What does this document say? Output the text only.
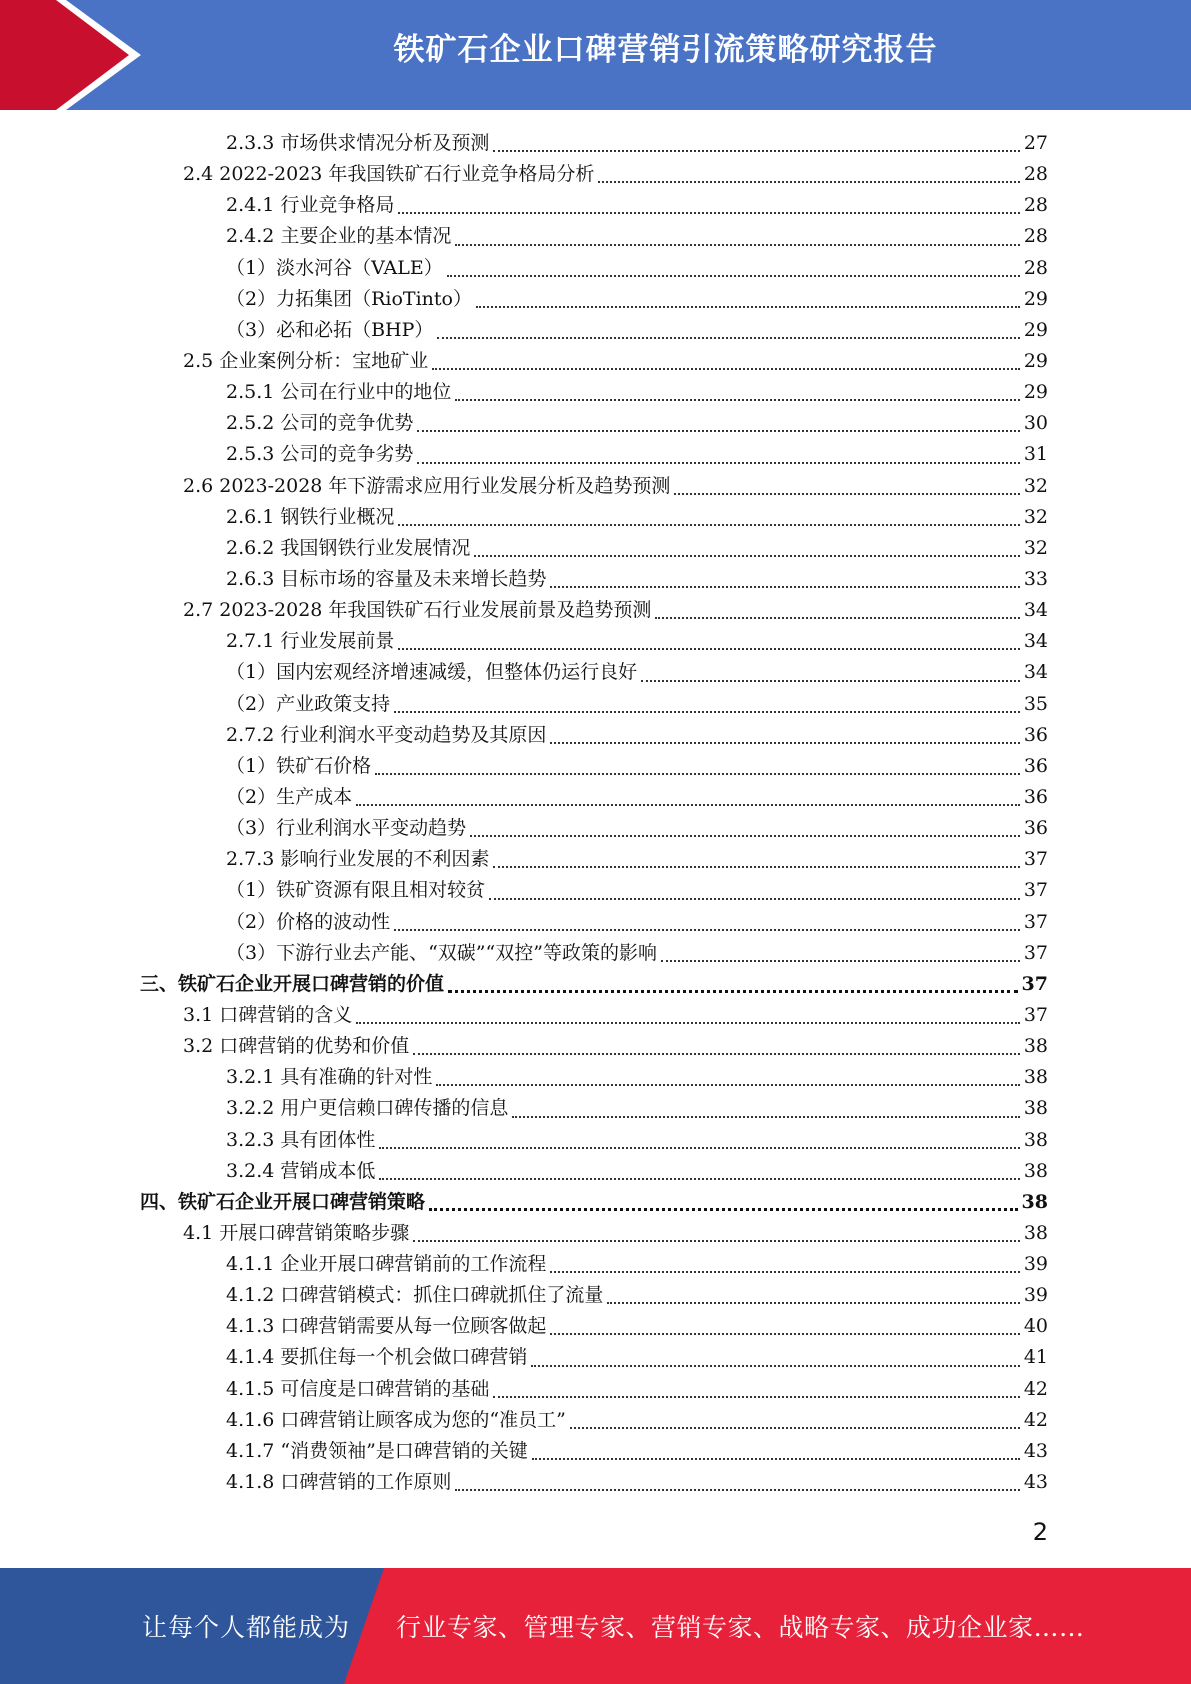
铁矿石企业口碑营销引流策略研究报告
2.3.3 市场供求情况分析及预测	27
2.4 2022-2023 年我国铁矿石行业竞争格局分析	28
2.4.1 行业竞争格局	28
2.4.2 主要企业的基本情况	28
（1）淡水河谷（VALE）	28
（2）力拓集团（RioTinto）	29
（3）必和必拓（BHP）	29
2.5 企业案例分析：宝地矿业	29
2.5.1 公司在行业中的地位	29
2.5.2 公司的竞争优势	30
2.5.3 公司的竞争劣势	31
2.6 2023-2028 年下游需求应用行业发展分析及趋势预测	32
2.6.1 钢铁行业概况	32
2.6.2 我国钢铁行业发展情况	32
2.6.3 目标市场的容量及未来增长趋势	33
2.7 2023-2028 年我国铁矿石行业发展前景及趋势预测	34
2.7.1 行业发展前景	34
（1）国内宏观经济增速减缓，但整体仍运行良好	34
（2）产业政策支持	35
2.7.2 行业利润水平变动趋势及其原因	36
（1）铁矿石价格	36
（2）生产成本	36
（3）行业利润水平变动趋势	36
2.7.3 影响行业发展的不利因素	37
（1）铁矿资源有限且相对较贫	37
（2）价格的波动性	37
（3）下游行业去产能、“双碳”“双控”等政策的影响	37
三、铁矿石企业开展口碑营销的价值	37
3.1 口碑营销的含义	37
3.2 口碑营销的优势和价值	38
3.2.1 具有准确的针对性	38
3.2.2 用户更信赖口碑传播的信息	38
3.2.3 具有团体性	38
3.2.4 营销成本低	38
四、铁矿石企业开展口碑营销策略	38
4.1 开展口碑营销策略步骤	38
4.1.1 企业开展口碑营销前的工作流程	39
4.1.2 口碑营销模式：抓住口碑就抓住了流量	39
4.1.3 口碑营销需要从每一位顾客做起	40
4.1.4 要抓住每一个机会做口碑营销	41
4.1.5 可信度是口碑营销的基础	42
4.1.6 口碑营销让顾客成为您的“准员工”	42
4.1.7 “消费领袖”是口碑营销的关键	43
4.1.8 口碑营销的工作原则	43
2
让每个人都能成为 行业专家、管理专家、营销专家、战略专家、成功企业家……
